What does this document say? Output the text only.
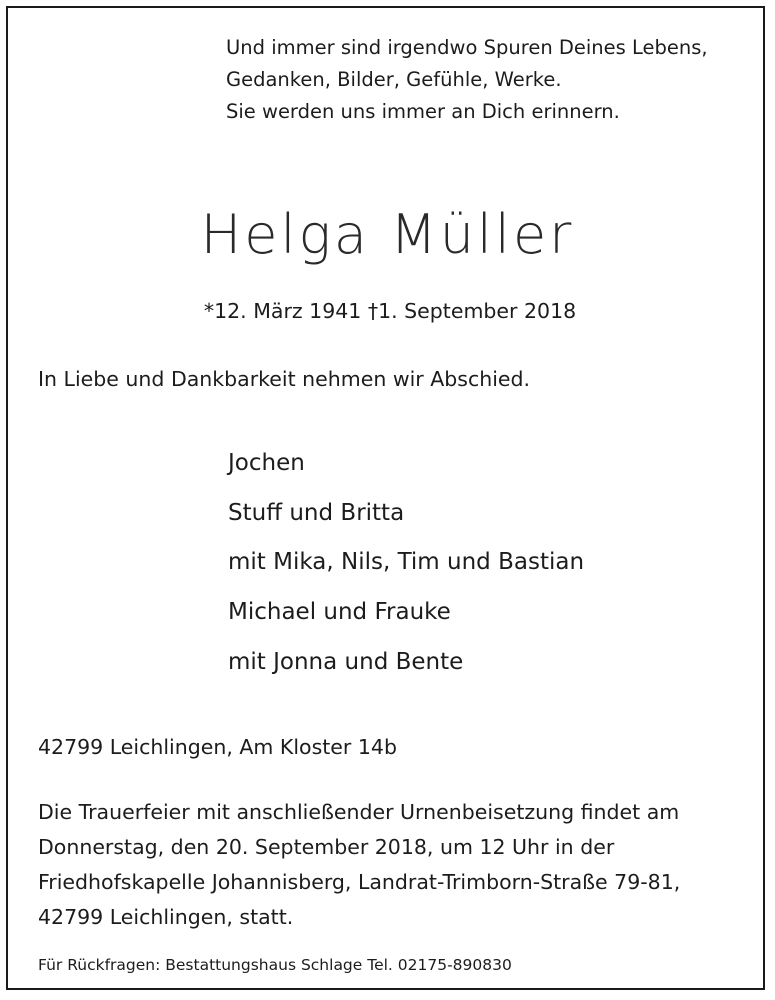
Und immer sind irgendwo Spuren Deines Lebens,
Gedanken, Bilder, Gefühle, Werke.
Sie werden uns immer an Dich erinnern.
Helga Müller
*12. März 1941 †1. September 2018
In Liebe und Dankbarkeit nehmen wir Abschied.
Jochen
Stuff und Britta
mit Mika, Nils, Tim und Bastian
Michael und Frauke
mit Jonna und Bente
42799 Leichlingen, Am Kloster 14b
Die Trauerfeier mit anschließender Urnenbeisetzung findet am
Donnerstag, den 20. September 2018, um 12 Uhr in der
Friedhofskapelle Johannisberg, Landrat-Trimborn-Straße 79-81,
42799 Leichlingen, statt.
Für Rückfragen: Bestattungshaus Schlage Tel. 02175-890830
